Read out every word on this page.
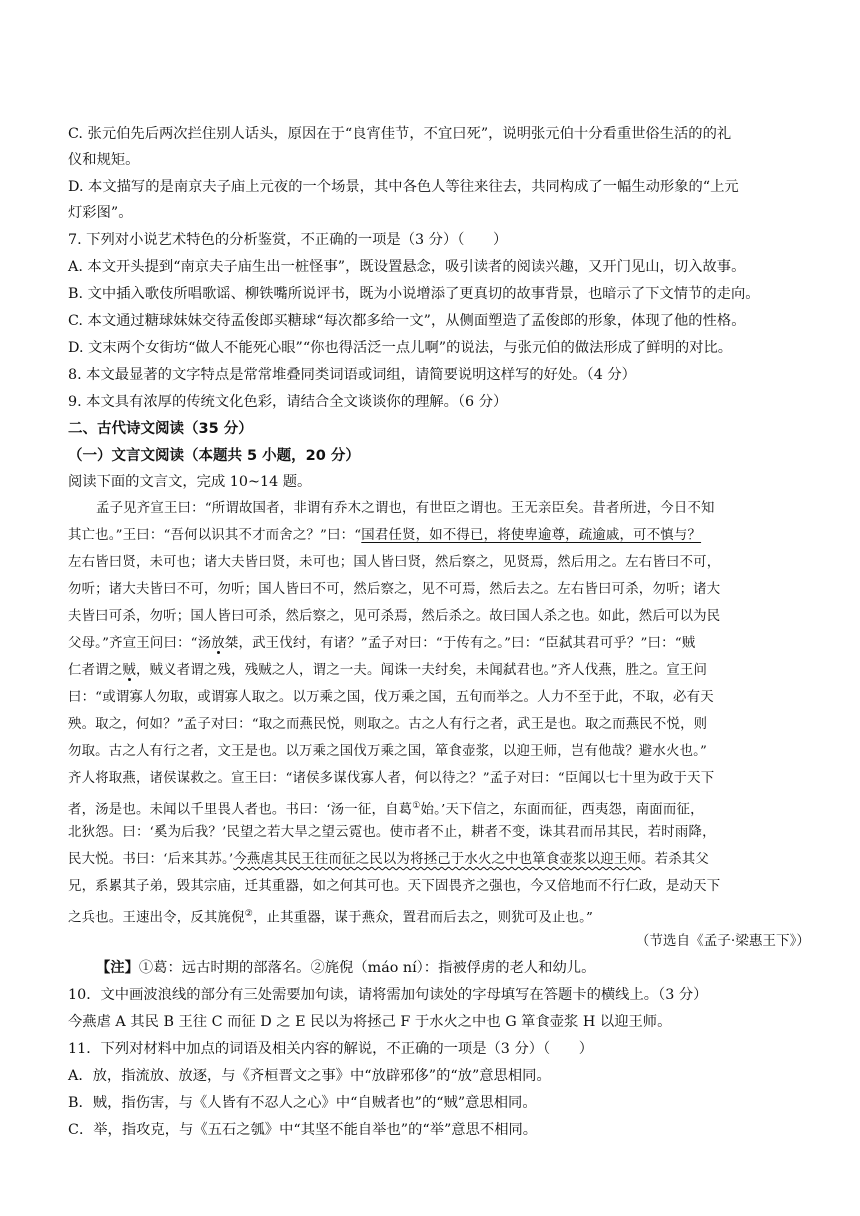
C. 张元伯先后两次拦住别人话头，原因在于“良宵佳节，不宜曰死”，说明张元伯十分看重世俗生活的的礼
仪和规矩。
D. 本文描写的是南京夫子庙上元夜的一个场景，其中各色人等往来往去，共同构成了一幅生动形象的“上元
灯彩图”。
7. 下列对小说艺术特色的分析鉴赏，不正确的一项是（3 分）（　　）
A. 本文开头提到“南京夫子庙生出一桩怪事”，既设置悬念，吸引读者的阅读兴趣，又开门见山，切入故事。
B. 文中插入歌伎所唱歌谣、柳铁嘴所说评书，既为小说增添了更真切的故事背景，也暗示了下文情节的走向。
C. 本文通过糖球妹妹交待孟俊郎买糖球“每次都多给一文”，从侧面塑造了孟俊郎的形象，体现了他的性格。
D. 文末两个女街坊“做人不能死心眼”“你也得活泛一点儿啊”的说法，与张元伯的做法形成了鲜明的对比。
8. 本文最显著的文字特点是常常堆叠同类词语或词组，请简要说明这样写的好处。（4 分）
9. 本文具有浓厚的传统文化色彩，请结合全文谈谈你的理解。（6 分）
二、古代诗文阅读（35 分）
（一）文言文阅读（本题共 5 小题，20 分）
阅读下面的文言文，完成 10~14 题。
孟子见齐宣王曰：“所谓故国者，非谓有乔木之谓也，有世臣之谓也。王无亲臣矣。昔者所进，今日不知
其亡也。”王曰：“吾何以识其不才而舍之？”曰：“国君任贤，如不得已，将使卑逾尊，疏逾戚，可不慎与？
左右皆曰贤，未可也；诸大夫皆曰贤，未可也；国人皆曰贤，然后察之，见贤焉，然后用之。左右皆曰不可，
勿听；诸大夫皆曰不可，勿听；国人皆曰不可，然后察之，见不可焉，然后去之。左右皆曰可杀，勿听；诸大
夫皆曰可杀，勿听；国人皆曰可杀，然后察之，见可杀焉，然后杀之。故曰国人杀之也。如此，然后可以为民
父母。”齐宣王问曰：“汤放桀，武王伐纣，有诸？”孟子对曰：“于传有之。”曰：“臣弑其君可乎？”曰：“贼
仁者谓之贼，贼义者谓之残，残贼之人，谓之一夫。闻诛一夫纣矣，未闻弑君也。”齐人伐燕，胜之。宣王问
曰：“或谓寡人勿取，或谓寡人取之。以万乘之国，伐万乘之国，五旬而举之。人力不至于此，不取，必有天
殃。取之，何如？”孟子对曰：“取之而燕民悦，则取之。古之人有行之者，武王是也。取之而燕民不悦，则
勿取。古之人有行之者，文王是也。以万乘之国伐万乘之国，箪食壶浆，以迎王师，岂有他哉？避水火也。”
齐人将取燕，诸侯谋救之。宣王曰：“诸侯多谋伐寡人者，何以待之？”孟子对曰：“臣闻以七十里为政于天下
者，汤是也。未闻以千里畏人者也。书曰：‘汤一征，自葛①始。’天下信之，东面而征，西夷怨，南面而征，
北狄怨。曰：‘奚为后我？’民望之若大旱之望云霓也。使市者不止，耕者不变，诛其君而吊其民，若时雨降，
民大悦。书曰：‘后来其苏。’今燕虐其民王往而征之民以为将拯己于水火之中也箪食壶浆以迎王师。若杀其父
兄，系累其子弟，毁其宗庙，迁其重器，如之何其可也。天下固畏齐之强也，今又倍地而不行仁政，是动天下
之兵也。王速出令，反其旄倪②，止其重器，谋于燕众，置君而后去之，则犹可及止也。”
（节选自《孟子·梁惠王下》）
【注】①葛：远古时期的部落名。②旄倪（máo ní）：指被俘虏的老人和幼儿。
10．文中画波浪线的部分有三处需要加句读，请将需加句读处的字母填写在答题卡的横线上。（3 分）
今燕虐 A 其民 B 王往 C 而征 D 之 E 民以为将拯己 F 于水火之中也 G 箪食壶浆 H 以迎王师。
11．下列对材料中加点的词语及相关内容的解说，不正确的一项是（3 分）（　　）
A．放，指流放、放逐，与《齐桓晋文之事》中“放辟邪侈”的“放”意思相同。
B．贼，指伤害，与《人皆有不忍人之心》中“自贼者也”的“贼”意思相同。
C．举，指攻克，与《五石之瓠》中“其坚不能自举也”的“举”意思不相同。
